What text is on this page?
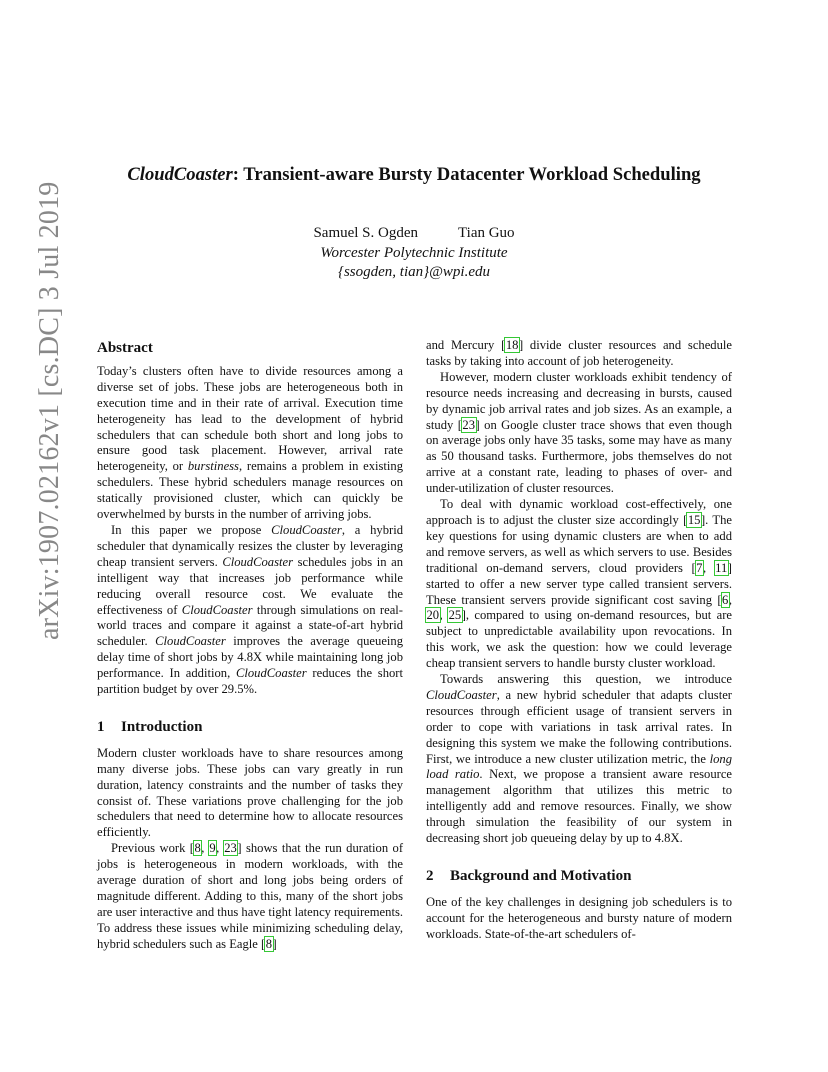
arXiv:1907.02162v1 [cs.DC] 3 Jul 2019
CloudCoaster: Transient-aware Bursty Datacenter Workload Scheduling
Samuel S. Ogden	Tian Guo
Worcester Polytechnic Institute
{ssogden, tian}@wpi.edu
Abstract

Today’s clusters often have to divide resources among a diverse set of jobs. These jobs are heterogeneous both in execution time and in their rate of arrival. Execution time heterogeneity has lead to the development of hybrid schedulers that can schedule both short and long jobs to ensure good task placement. However, arrival rate heterogeneity, or burstiness, remains a problem in existing schedulers. These hybrid schedulers manage resources on statically provisioned cluster, which can quickly be overwhelmed by bursts in the number of arriving jobs.

In this paper we propose CloudCoaster, a hybrid scheduler that dynamically resizes the cluster by leveraging cheap transient servers. CloudCoaster schedules jobs in an intelligent way that increases job performance while reducing overall resource cost. We evaluate the effectiveness of CloudCoaster through simulations on real-world traces and compare it against a state-of-art hybrid scheduler. CloudCoaster improves the average queueing delay time of short jobs by 4.8X while maintaining long job performance. In addition, CloudCoaster reduces the short partition budget by over 29.5%.

1 Introduction

Modern cluster workloads have to share resources among many diverse jobs. These jobs can vary greatly in run duration, latency constraints and the number of tasks they consist of. These variations prove challenging for the job schedulers that need to determine how to allocate resources efficiently.

Previous work [8, 9, 23] shows that the run duration of jobs is heterogeneous in modern workloads, with the average duration of short and long jobs being orders of magnitude different. Adding to this, many of the short jobs are user interactive and thus have tight latency requirements. To address these issues while minimizing scheduling delay, hybrid schedulers such as Eagle [8]

and Mercury [18] divide cluster resources and schedule tasks by taking into account of job heterogeneity.

However, modern cluster workloads exhibit tendency of resource needs increasing and decreasing in bursts, caused by dynamic job arrival rates and job sizes. As an example, a study [23] on Google cluster trace shows that even though on average jobs only have 35 tasks, some may have as many as 50 thousand tasks. Furthermore, jobs themselves do not arrive at a constant rate, leading to phases of over- and under-utilization of cluster resources.

To deal with dynamic workload cost-effectively, one approach is to adjust the cluster size accordingly [15]. The key questions for using dynamic clusters are when to add and remove servers, as well as which servers to use. Besides traditional on-demand servers, cloud providers [7, 11] started to offer a new server type called transient servers. These transient servers provide significant cost saving [6, 20, 25], compared to using on-demand resources, but are subject to unpredictable availability upon revocations. In this work, we ask the question: how we could leverage cheap transient servers to handle bursty cluster workload.

Towards answering this question, we introduce CloudCoaster, a new hybrid scheduler that adapts cluster resources through efficient usage of transient servers in order to cope with variations in task arrival rates. In designing this system we make the following contributions. First, we introduce a new cluster utilization metric, the long load ratio. Next, we propose a transient aware resource management algorithm that utilizes this metric to intelligently add and remove resources. Finally, we show through simulation the feasibility of our system in decreasing short job queueing delay by up to 4.8X.

2 Background and Motivation

One of the key challenges in designing job schedulers is to account for the heterogeneous and bursty nature of modern workloads. State-of-the-art schedulers of-
